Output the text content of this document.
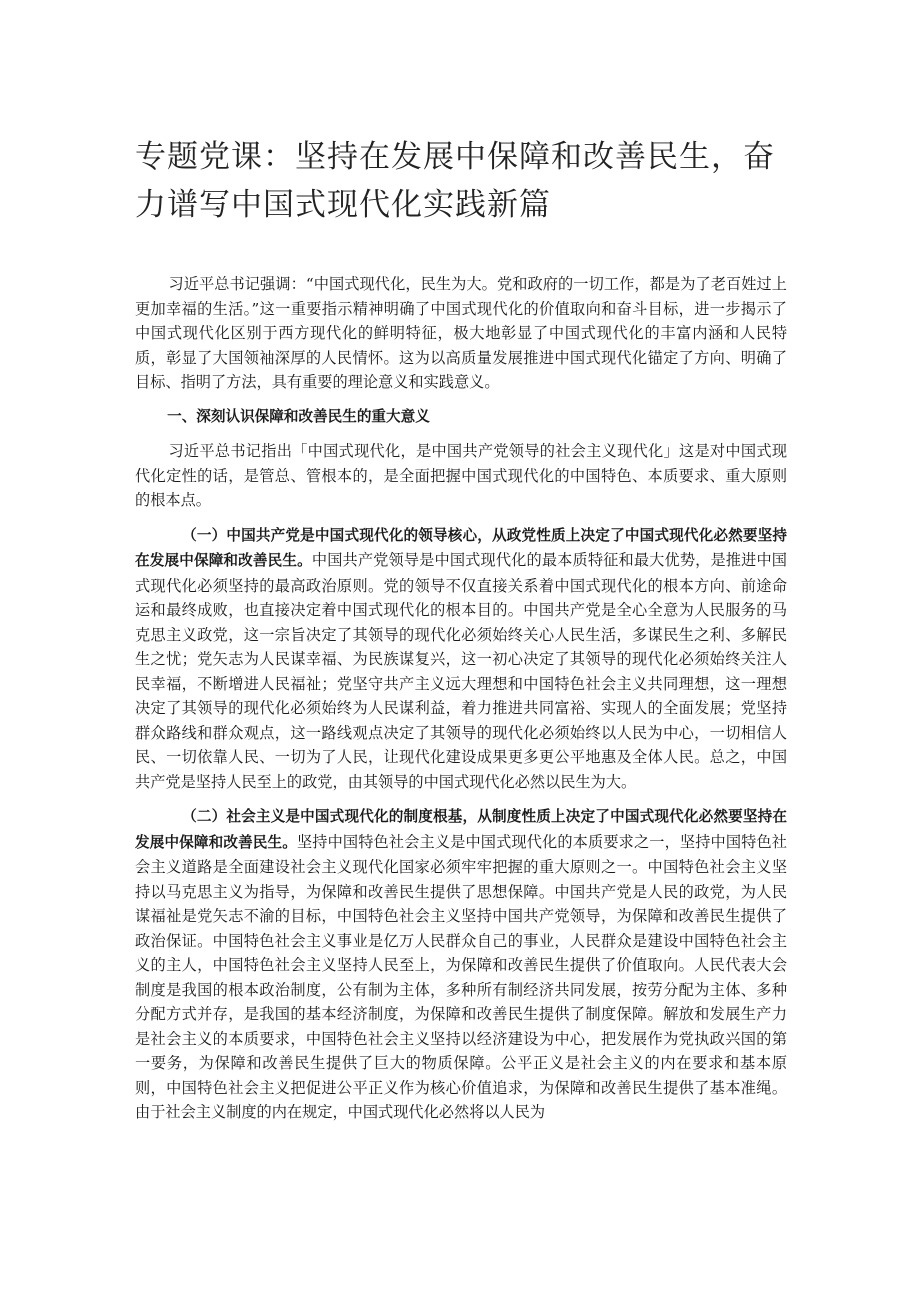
专题党课：坚持在发展中保障和改善民生，奋力谱写中国式现代化实践新篇

习近平总书记强调：“中国式现代化，民生为大。党和政府的一切工作，都是为了老百姓过上更加幸福的生活。”这一重要指示精神明确了中国式现代化的价值取向和奋斗目标，进一步揭示了中国式现代化区别于西方现代化的鲜明特征，极大地彰显了中国式现代化的丰富内涵和人民特质，彰显了大国领袖深厚的人民情怀。这为以高质量发展推进中国式现代化锚定了方向、明确了目标、指明了方法，具有重要的理论意义和实践意义。

一、深刻认识保障和改善民生的重大意义

习近平总书记指出「中国式现代化，是中国共产党领导的社会主义现代化」这是对中国式现代化定性的话，是管总、管根本的，是全面把握中国式现代化的中国特色、本质要求、重大原则的根本点。

（一）中国共产党是中国式现代化的领导核心，从政党性质上决定了中国式现代化必然要坚持在发展中保障和改善民生。中国共产党领导是中国式现代化的最本质特征和最大优势，是推进中国式现代化必须坚持的最高政治原则。党的领导不仅直接关系着中国式现代化的根本方向、前途命运和最终成败，也直接决定着中国式现代化的根本目的。中国共产党是全心全意为人民服务的马克思主义政党，这一宗旨决定了其领导的现代化必须始终关心人民生活，多谋民生之利、多解民生之忧；党矢志为人民谋幸福、为民族谋复兴，这一初心决定了其领导的现代化必须始终关注人民幸福，不断增进人民福祉；党坚守共产主义远大理想和中国特色社会主义共同理想，这一理想决定了其领导的现代化必须始终为人民谋利益，着力推进共同富裕、实现人的全面发展；党坚持群众路线和群众观点，这一路线观点决定了其领导的现代化必须始终以人民为中心，一切相信人民、一切依靠人民、一切为了人民，让现代化建设成果更多更公平地惠及全体人民。总之，中国共产党是坚持人民至上的政党，由其领导的中国式现代化必然以民生为大。

（二）社会主义是中国式现代化的制度根基，从制度性质上决定了中国式现代化必然要坚持在发展中保障和改善民生。坚持中国特色社会主义是中国式现代化的本质要求之一，坚持中国特色社会主义道路是全面建设社会主义现代化国家必须牢牢把握的重大原则之一。中国特色社会主义坚持以马克思主义为指导，为保障和改善民生提供了思想保障。中国共产党是人民的政党，为人民谋福祉是党矢志不渝的目标，中国特色社会主义坚持中国共产党领导，为保障和改善民生提供了政治保证。中国特色社会主义事业是亿万人民群众自己的事业，人民群众是建设中国特色社会主义的主人，中国特色社会主义坚持人民至上，为保障和改善民生提供了价值取向。人民代表大会制度是我国的根本政治制度，公有制为主体，多种所有制经济共同发展，按劳分配为主体、多种分配方式并存，是我国的基本经济制度，为保障和改善民生提供了制度保障。解放和发展生产力是社会主义的本质要求，中国特色社会主义坚持以经济建设为中心，把发展作为党执政兴国的第一要务，为保障和改善民生提供了巨大的物质保障。公平正义是社会主义的内在要求和基本原则，中国特色社会主义把促进公平正义作为核心价值追求，为保障和改善民生提供了基本准绳。由于社会主义制度的内在规定，中国式现代化必然将以人民为
